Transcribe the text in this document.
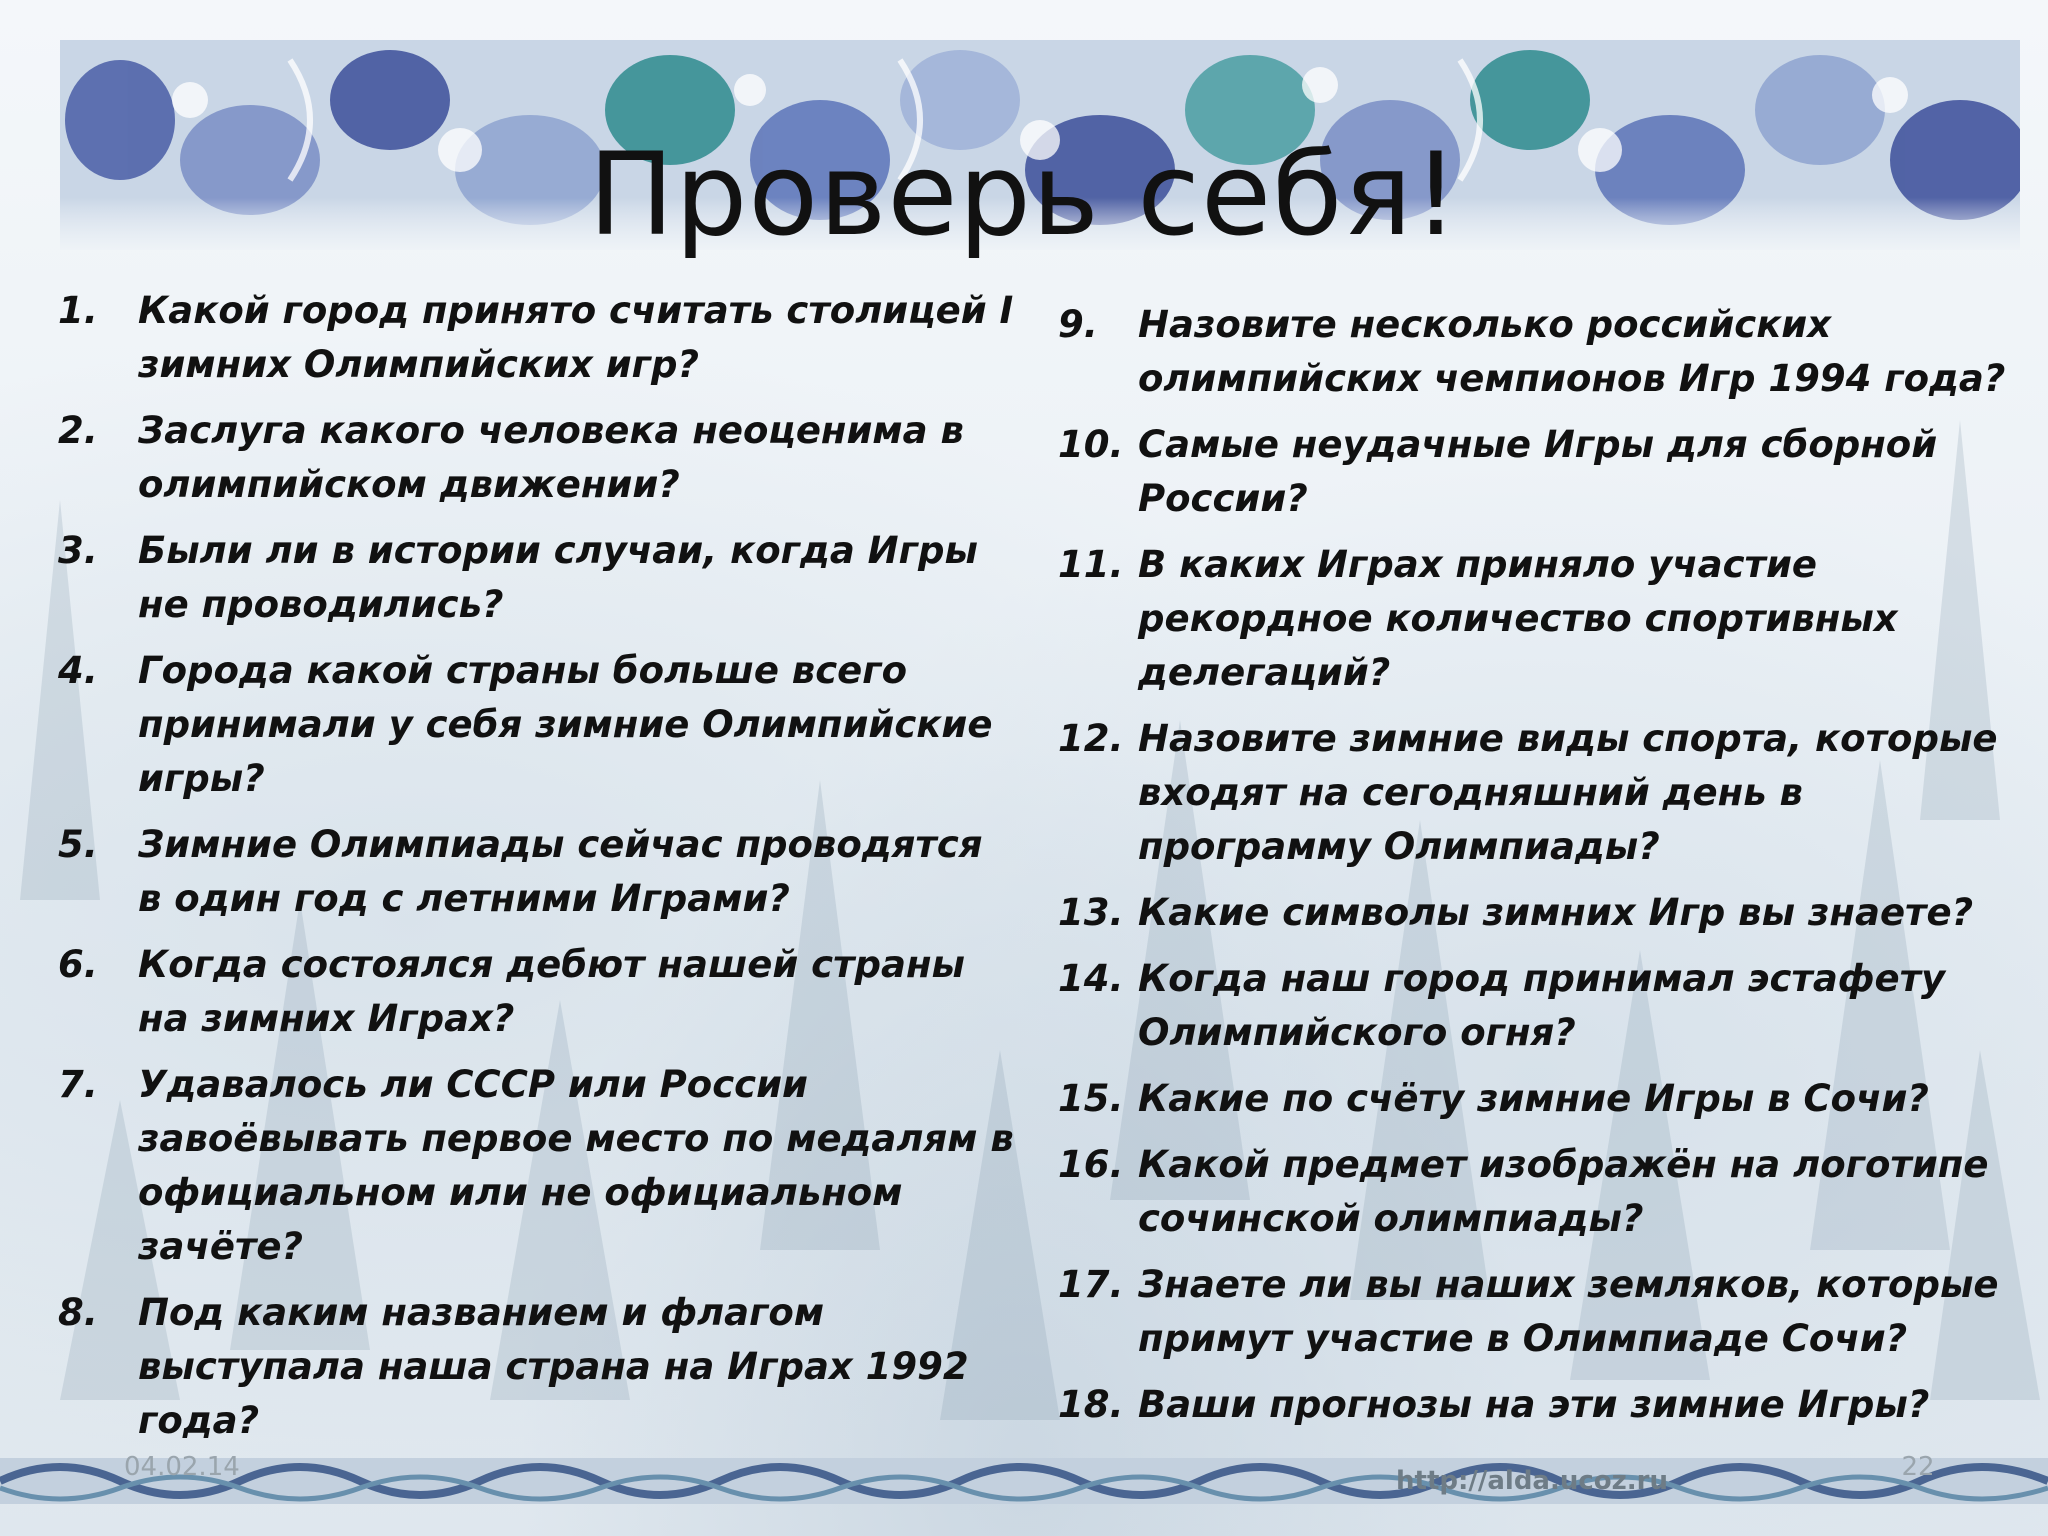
Проверь себя!
1.	Какой город принято считать столицей I зимних Олимпийских игр?
2.	Заслуга какого человека неоценима в олимпийском движении?
3.	Были ли в истории случаи, когда Игры не проводились?
4.	Города какой страны больше всего принимали у себя зимние Олимпийские игры?
5.	Зимние Олимпиады сейчас проводятся в один год с летними Играми?
6.	Когда состоялся дебют нашей страны на зимних Играх?
7.	Удавалось ли СССР или России завоёвывать первое место по медалям в официальном или не официальном зачёте?
8.	Под каким названием и флагом выступала наша страна на Играх 1992 года?
9.	Назовите несколько российских олимпийских чемпионов Игр 1994 года?
10. Самые неудачные Игры для сборной России?
11. В каких Играх приняло участие рекордное количество спортивных делегаций?
12. Назовите зимние виды спорта, которые входят на сегодняшний день в программу Олимпиады?
13. Какие символы зимних Игр вы знаете?
14. Когда наш город принимал эстафету Олимпийского огня?
15. Какие по счёту зимние Игры в Сочи?
16. Какой предмет изображён на логотипе сочинской олимпиады?
17. Знаете ли вы наших земляков, которые примут участие в Олимпиаде Сочи?
18. Ваши прогнозы на эти зимние Игры?
04.02.14	http://alda.ucoz.ru	22
